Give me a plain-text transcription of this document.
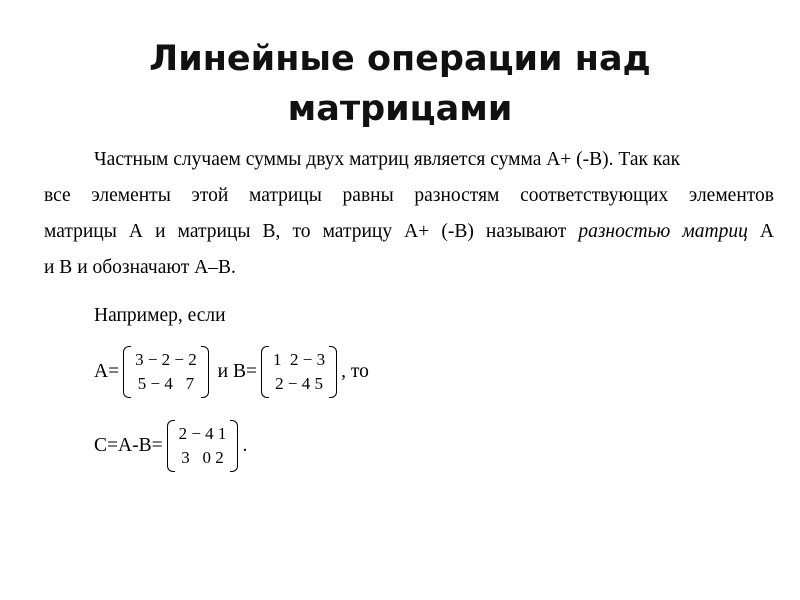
Линейные операции над
матрицами
Частным случаем суммы двух матриц является сумма А+ (-В). Так как
все элементы этой матрицы равны разностям соответствующих элементов
матрицы А и матрицы В, то матрицу А+ (-В) называют разностью матриц А
и В и обозначают А–В.
Например, если
А=
3 − 2 − 2
5 − 4   7
и В=
1  2 − 3
2 − 4 5
, то
С=А-В=
2 − 4 1
3   0 2
.
